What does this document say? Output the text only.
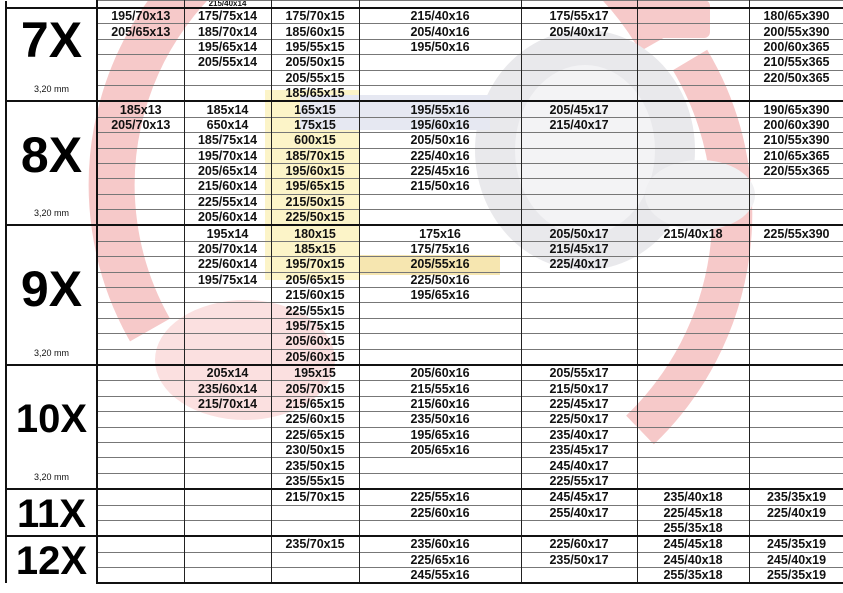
		215/40x14					

7X
3,20 mm	195/70x13	175/75x14	175/70x15	215/40x16	175/55x17		180/65x390
	205/65x13	185/70x14	185/60x15	205/40x16	205/40x17		200/55x390
		195/65x14	195/55x15	195/50x16			200/60x365
		205/55x14	205/50x15				210/55x365
			205/55x15				220/50x365
			185/65x15				

8X
3,20 mm	185x13	185x14	165x15	195/55x16	205/45x17		190/65x390
	205/70x13	650x14	175x15	195/60x16	215/40x17		200/60x390
		185/75x14	600x15	205/50x16			210/55x390
		195/70x14	185/70x15	225/40x16			210/65x365
		205/65x14	195/60x15	225/45x16			220/55x365
		215/60x14	195/65x15	215/50x16			
		225/55x14	215/50x15				
		205/60x14	225/50x15				

9X
3,20 mm		195x14	180x15	175x16	205/50x17	215/40x18	225/55x390
		205/70x14	185x15	175/75x16	215/45x17		
		225/60x14	195/70x15	205/55x16	225/40x17		
		195/75x14	205/65x15	225/50x16			
			215/60x15	195/65x16			
			225/55x15				
			195/75x15				
			205/60x15				
			205/60x15				

10X
3,20 mm		205x14	195x15	205/60x16	205/55x17		
		235/60x14	205/70x15	215/55x16	215/50x17		
		215/70x14	215/65x15	215/60x16	225/45x17		
			225/60x15	235/50x16	225/50x17		
			225/65x15	195/65x16	235/40x17		
			230/50x15	205/65x16	235/45x17		
			235/50x15		245/40x17		
			235/55x15		225/55x17		

11X			215/70x15	225/55x16	245/45x17	235/40x18	235/35x19
				225/60x16	255/40x17	225/45x18	225/40x19
						255/35x18	

12X			235/70x15	235/60x16	225/60x17	245/45x18	245/35x19
				225/65x16	235/50x17	245/40x18	245/40x19
				245/55x16		255/35x18	255/35x19
